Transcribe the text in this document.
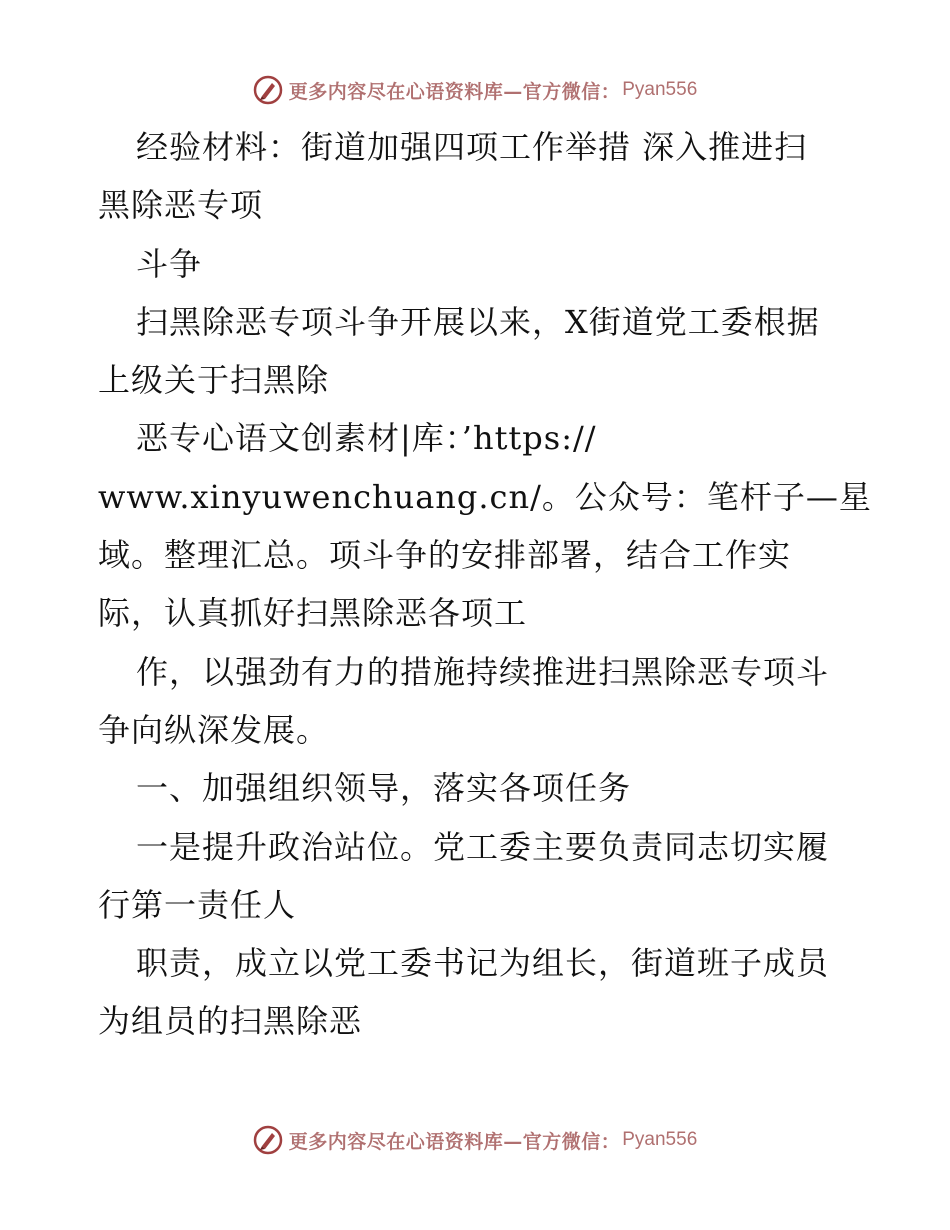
更多内容尽在心语资料库—官方微信： Pyan556
经验材料：街道加强四项工作举措 深入推进扫
黑除恶专项
斗争
扫黑除恶专项斗争开展以来，X街道党工委根据
上级关于扫黑除
恶专心语文创素材|库：’https://
www.xinyuwenchuang.cn/。公众号：笔杆子—星
域。整理汇总。项斗争的安排部署，结合工作实
际，认真抓好扫黑除恶各项工
作，以强劲有力的措施持续推进扫黑除恶专项斗
争向纵深发展。
一、加强组织领导，落实各项任务
一是提升政治站位。党工委主要负责同志切实履
行第一责任人
职责，成立以党工委书记为组长，街道班子成员
为组员的扫黑除恶
更多内容尽在心语资料库—官方微信： Pyan556
